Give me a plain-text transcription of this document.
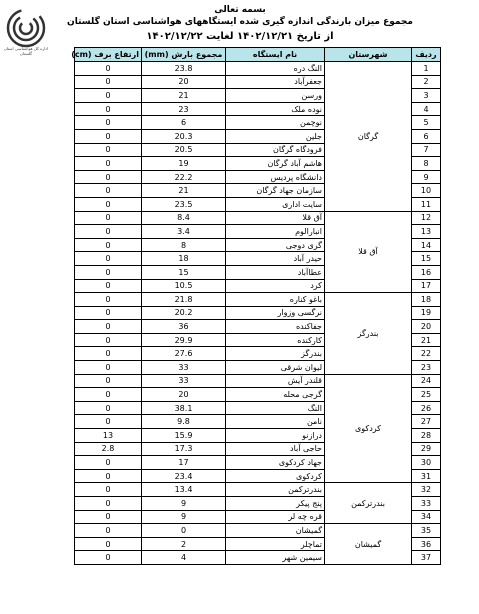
اداره کل هواشناسی استان گلستان
بسمه تعالی
مجموع میزان بارندگی اندازه گیری شده ایستگاههای هواشناسی استان گلستان
از تاریخ ۱۴۰۲/۱۲/۲۱ لغایت ۱۴۰۲/۱۲/۲۲
ردیف	شهرستان	نام ایستگاه	مجموع بارش (mm)	ارتفاع برف (cm)
1	گرگان	النگ دره	23.8	0
2		جعفرآباد	20	0
3		ورسن	21	0
4		نوده ملک	23	0
5		نوچمن	6	0
6		جلین	20.3	0
7		فرودگاه گرگان	20.5	0
8		هاشم آباد گرگان	19	0
9		دانشگاه پردیس	22.2	0
10		سازمان جهاد گرگان	21	0
11		سایت اداری	23.5	0
12	آق قلا	آق قلا	8.4	0
13		انبارالوم	3.4	0
14		گری دوجی	8	0
15		حیدر آباد	18	0
16		عطاآباد	15	0
17		کرد	10.5	0
18	بندرگز	باغو کناره	21.8	0
19		نرگسی وزوار	20.2	0
20		جفاکنده	36	0
21		کارکنده	29.9	0
22		بندرگز	27.6	0
23		لیوان شرقی	33	0
24	کردکوی	قلندر آیش	33	0
25		گرجی محله	20	0
26		النگ	38.1	0
27		نامن	9.8	0
28		درازنو	15.9	13
29		حاجی آباد	17.3	2.8
30		جهاد کردکوی	17	0
31		کردکوی	23.4	0
32	بندرترکمن	بندرترکمن	13.4	0
33		پنج پیکر	9	0
34		قره چه لر	9	0
35	گمیشان	گمیشان	0	0
36		تماچلر	2	0
37		سیمین شهر	4	0
